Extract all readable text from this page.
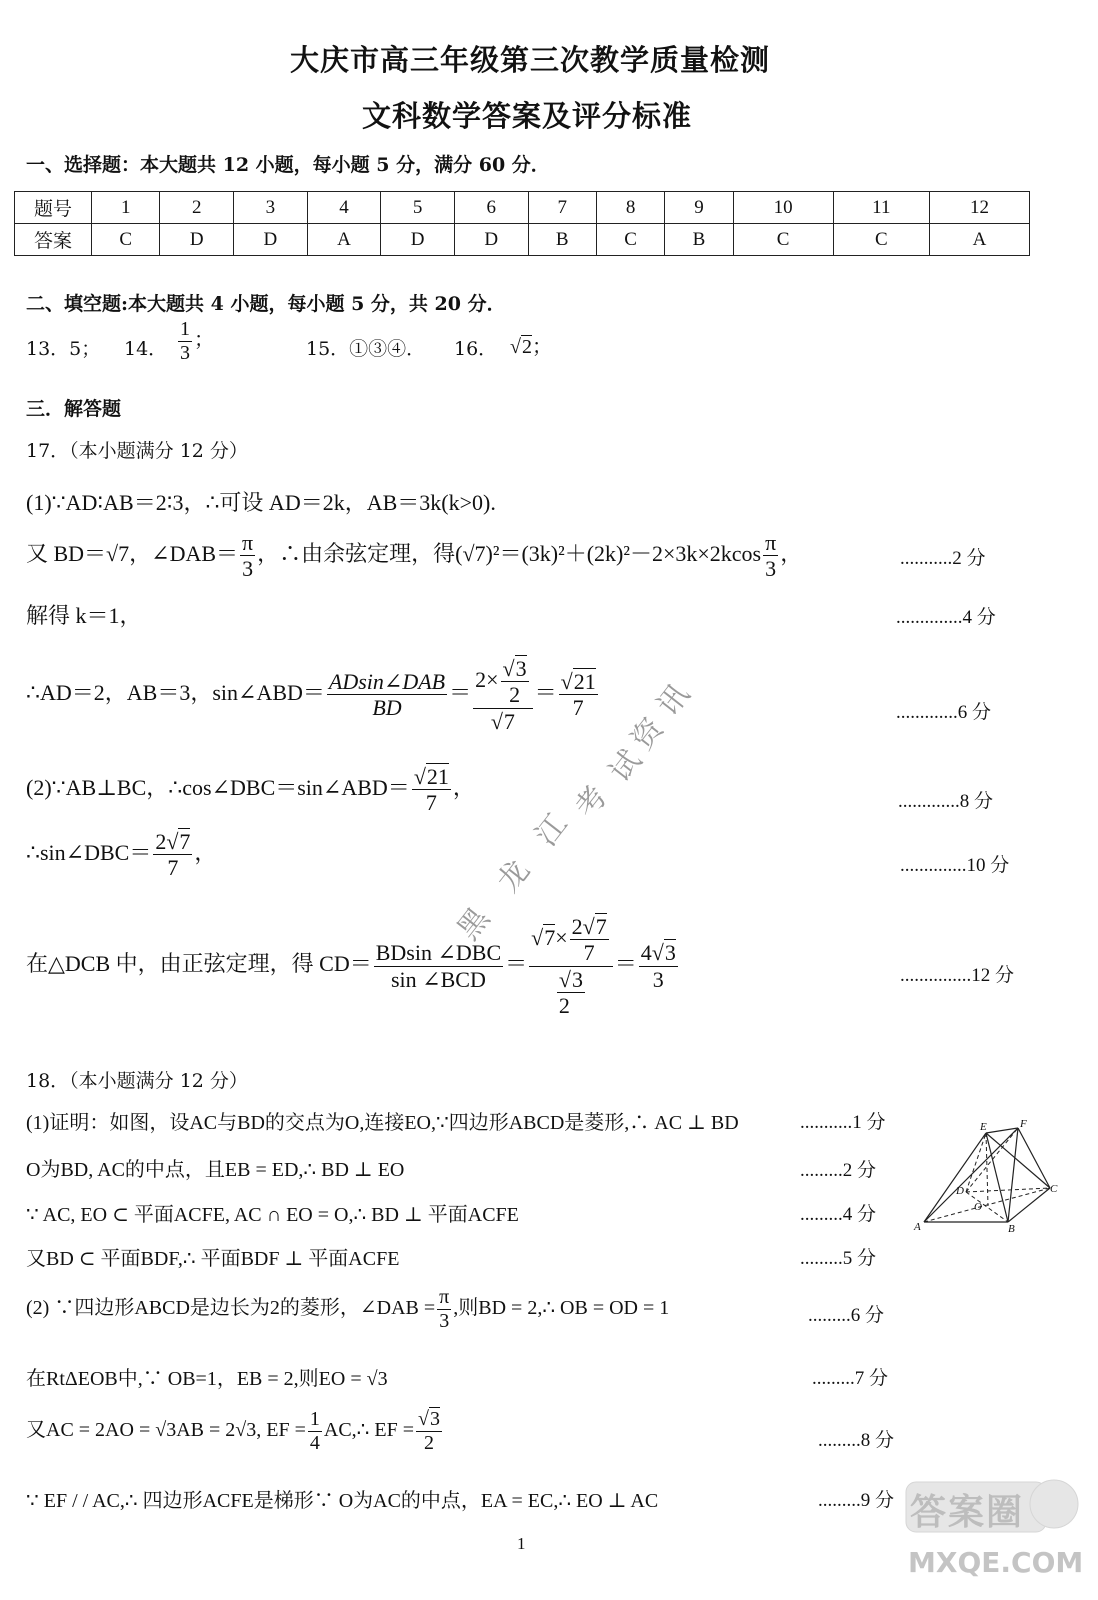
大庆市高三年级第三次教学质量检测
文科数学答案及评分标准
一、选择题：本大题共 12 小题，每小题 5 分，满分 60 分．
题号	1	2	3	4	5	6	7	8	9	10	11	12
答案	C	D	D	A	D	D	B	C	B	C	C	A
二、填空题:本大题共 4 小题，每小题 5 分，共 20 分．
13．5； 14． $\frac{1}{3}$ ；	15．①③④． 16． √2；
三．解答题
17．（本小题满分 12 分）
(1)∵AD∶AB＝2∶3，∴可设 AD＝2k，AB＝3k(k>0).
又 BD＝√7，∠DAB＝ $\frac{\pi}{3}$ ，∴由余弦定理，得$(√7)^2=(3k)^2+(2k)^2-2\times 3k\times 2kcos \frac{\pi}{3}$ ，	...........2 分
解得 k＝1，	..............4 分
∴AD＝2，AB＝3，sin∠ABD＝ $\frac{\text{ADsin∠DAB}}{BD} = \frac{2\times \frac{√3}{2}}{√7} = \frac{√21}{7}$	.............6 分
(2)∵AB⊥BC，∴cos∠DBC＝sin∠ABD＝ $\frac{√21}{7}$ ，
.............8 分
∴sin∠DBC＝ $\frac{2√7}{7}$ ，
..............10 分
在△DCB 中，由正弦定理，得 $CD= \frac{\text{BDsin ∠DBC}}{\text{sin ∠BCD}} = \frac{√7\times \frac{2√7}{7}}{\frac{√3}{2}} = \frac{4√3}{3}$	...............12 分
18．（本小题满分 12 分）
(1)证明：如图，设AC与BD的交点为O,连接EO,∵四边形ABCD是菱形,∴ AC ⊥ BD	...........1 分
O为BD, AC的中点，且EB = ED,∴ BD ⊥ EO	.........2 分
∵ AC, EO ⊂ 平面ACFE, AC ∩ EO = O,∴ BD ⊥ 平面ACFE	.........4 分
又BD ⊂ 平面BDF,∴ 平面BDF ⊥ 平面ACFE	.........5 分
(2) ∵四边形ABCD是边长为2的菱形，∠DAB = $\frac{\pi}{3}$ ,则BD = 2,∴ OB = OD = 1	.........6 分
在RtΔEOB中,∵ OB=1，EB = 2,则EO = √3	.........7 分
又AC = 2AO = √3AB = 2√3, EF = $\frac{1}{4}$ AC,∴ EF = $\frac{√3}{2}$	.........8 分
∵ EF / / AC,∴ 四边形ACFE是梯形∵ O为AC的中点，EA = EC,∴ EO ⊥ AC	.........9 分
E	F
D
O
C
A	B
黑
龙
江
考
试
资
讯
1
答案圈
MXQE.COM
